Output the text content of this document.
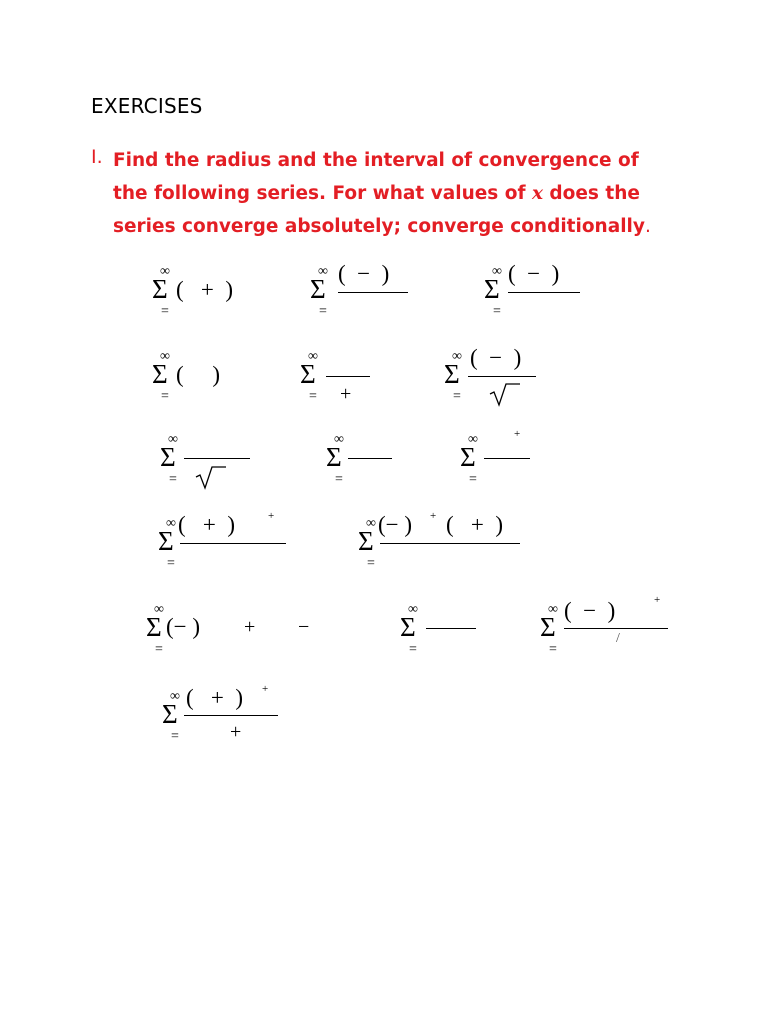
EXERCISES
I. Find the radius and the interval of convergence of the following series. For what values of x does the series converge absolutely; converge conditionally.
∞
Σ
=
(   +  )
∞
Σ
=
(  −  )	∞
Σ
=
(  −  )
∞
Σ
=
(     )
∞
Σ
= +
∞
Σ
=
(  −  )
∞
Σ
=
∞
Σ
=
∞
Σ
=
+
∞
Σ
=
(   +  )	+	∞
Σ
=
(− ) + (   +  )
∞
Σ
=
(− ) + −
∞
Σ
=
∞
Σ
=
(  −  )	+
/
∞
Σ
=
(   +  ) +
+
